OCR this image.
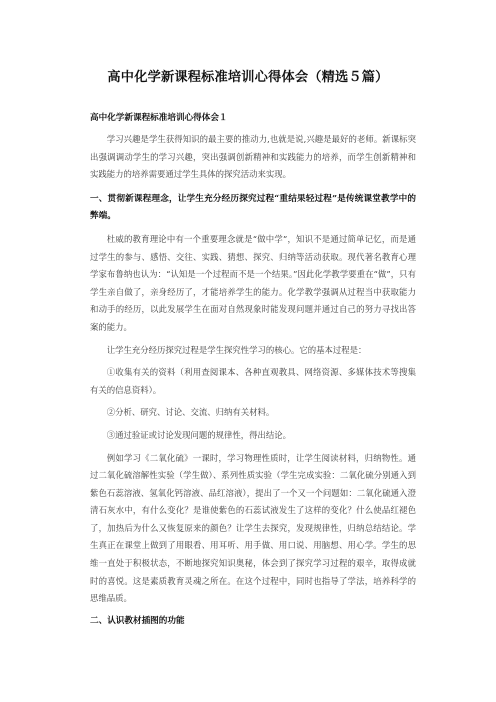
高中化学新课程标准培训心得体会（精选５篇）
高中化学新课程标准培训心得体会１
学习兴趣是学生获得知识的最主要的推动力,也就是说,兴趣是最好的老师。新课标突出强调调动学生的学习兴趣，突出强调创新精神和实践能力的培养，而学生创新精神和实践能力的培养需要通过学生具体的探究活动来实现。
一、贯彻新课程理念，让学生充分经历探究过程“重结果轻过程”是传统课堂教学中的弊端。
杜威的教育理论中有一个重要理念就是“做中学”，知识不是通过简单记忆，而是通过学生的参与、感悟、交往、实践、猜想、探究、归纳等活动获取。现代著名教育心理学家布鲁纳也认为：“认知是一个过程而不是一个结果。”因此化学教学要重在“做”，只有学生亲自做了，亲身经历了，才能培养学生的能力。化学教学强调从过程当中获取能力和动手的经历，以此发展学生在面对自然现象时能发现问题并通过自己的努力寻找出答案的能力。
让学生充分经历探究过程是学生探究性学习的核心。它的基本过程是：
①收集有关的资料（利用查阅课本、各种直观教具、网络资源、多媒体技术等搜集有关的信息资料）。
②分析、研究、讨论、交流、归纳有关材料。
③通过验证或讨论发现问题的规律性，得出结论。
例如学习《二氧化硫》一课时，学习物理性质时，让学生阅读材料，归纳物性。通过二氧化硫溶解性实验（学生做）、系列性质实验（学生完成实验：二氧化硫分别通入到紫色石蕊溶液、氢氧化钙溶液、品红溶液），提出了一个又一个问题如：二氧化硫通入澄清石灰水中，有什么变化？是谁使紫色的石蕊试液发生了这样的变化？什么使品红褪色了，加热后为什么又恢复原来的颜色？让学生去探究，发现规律性，归纳总结结论。学生真正在课堂上做到了用眼看、用耳听、用手做、用口说、用脑想、用心学。学生的思维一直处于积极状态，不断地探究知识奥秘，体会到了探究学习过程的艰辛，取得成就时的喜悦。这是素质教育灵魂之所在。在这个过程中，同时也指导了学法，培养科学的思维品质。
二、认识教材插图的功能
